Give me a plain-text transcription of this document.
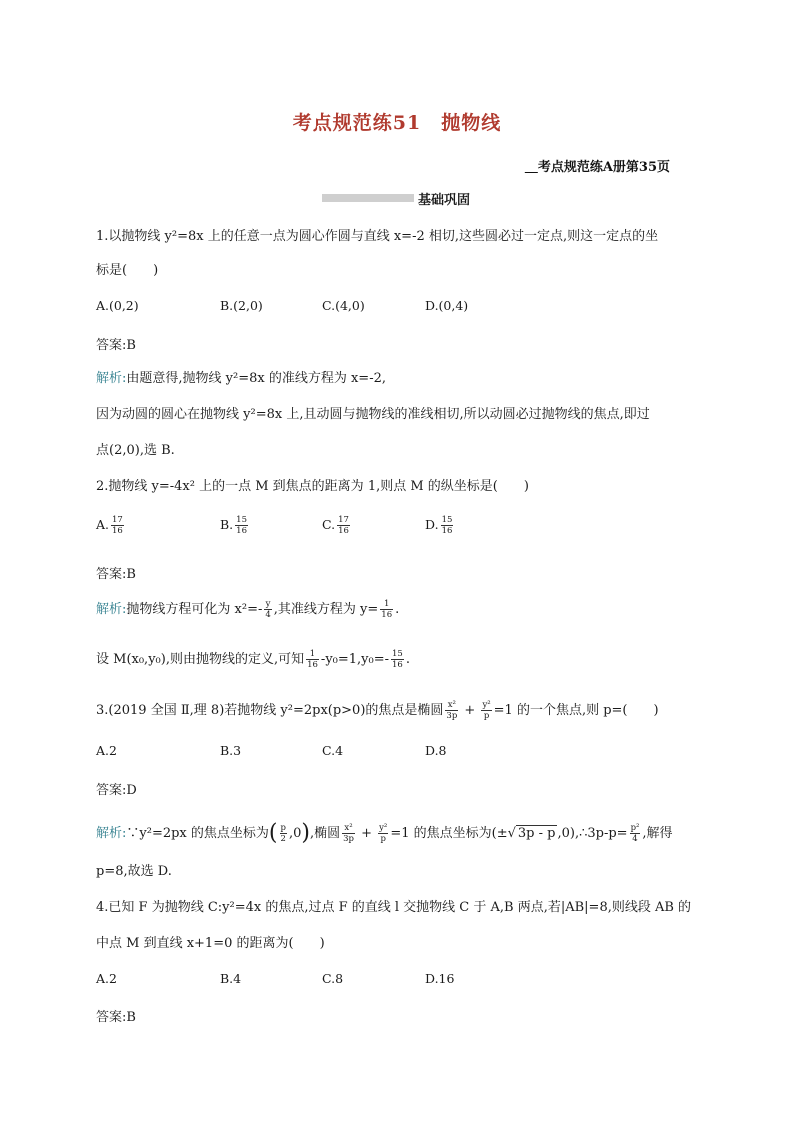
考点规范练51　抛物线
 考点规范练A册第35页
基础巩固
1.以抛物线 y²=8x 上的任意一点为圆心作圆与直线 x=-2 相切,这些圆必过一定点,则这一定点的坐
标是(  )
A.(0,2)	B.(2,0)	C.(4,0)	D.(0,4)
答案:B
解析:由题意得,抛物线 y²=8x 的准线方程为 x=-2,
因为动圆的圆心在抛物线 y²=8x 上,且动圆与抛物线的准线相切,所以动圆必过抛物线的焦点,即过
点(2,0),选 B.
2.抛物线 y=-4x² 上的一点 M 到焦点的距离为 1,则点 M 的纵坐标是(  )
A. $\frac{17}{16}$	B. $\frac{15}{16}$	C. $\frac{17}{16}$	D. $\frac{15}{16}$
答案:B
解析:抛物线方程可化为 $x^2=- \frac{y}{4}$ ,其准线方程为 $y= \frac{1}{16}$ .
设 M(x₀,y₀),则由抛物线的定义,可知 $\frac{1}{16} -y_0=1,y_0=- \frac{15}{16}$ .
3.(2019 全国 Ⅱ,理 8)若抛物线 y²=2px(p>0)的焦点是椭圆 $\frac{\text{x²}}{3p} + \frac{\text{y²}}{p} =1$ 的一个焦点,则 p=(  )
A.2	B.3	C.4	D.8
答案:D
解析:∵y²=2px 的焦点坐标为( $\frac{p}{2} ,0$),椭圆 $\frac{\text{x²}}{3p} + \frac{\text{y²}}{p} =1$ 的焦点坐标为(±√ 3p - p ,0),∴3p-p= $\frac{\text{p²}}{4}$ ,解得
p=8,故选 D.
4.已知 F 为抛物线 C:y²=4x 的焦点,过点 F 的直线 l 交抛物线 C 于 A,B 两点,若|AB|=8,则线段 AB 的
中点 M 到直线 x+1=0 的距离为(  )
A.2	B.4	C.8	D.16
答案:B
